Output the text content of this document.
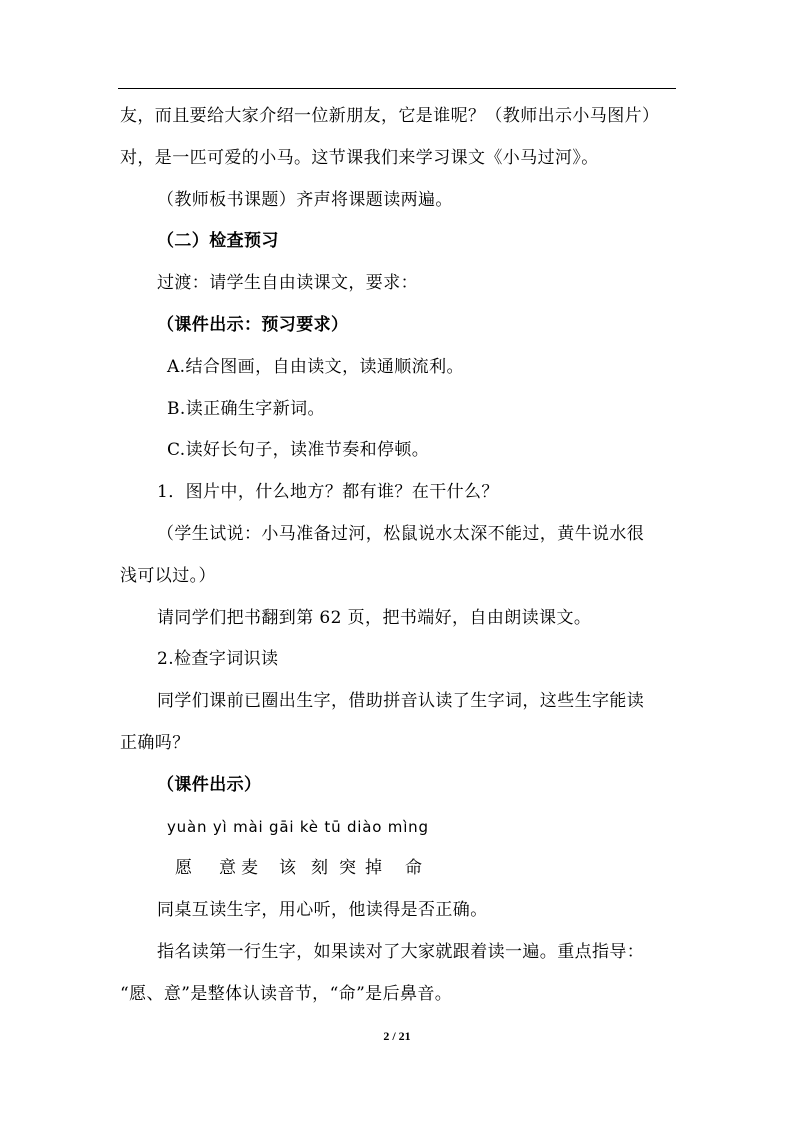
友，而且要给大家介绍一位新朋友，它是谁呢？（教师出示小马图片）
对，是一匹可爱的小马。这节课我们来学习课文《小马过河》。
（教师板书课题）齐声将课题读两遍。
（二）检查预习
过渡：请学生自由读课文，要求：
（课件出示：预习要求）
A.结合图画，自由读文，读通顺流利。
B.读正确生字新词。
C.读好长句子，读准节奏和停顿。
1．图片中，什么地方？都有谁？在干什么？
（学生试说：小马准备过河，松鼠说水太深不能过，黄牛说水很
浅可以过。）
请同学们把书翻到第 62 页，把书端好，自由朗读课文。
2.检查字词识读
同学们课前已圈出生字，借助拼音认读了生字词，这些生字能读
正确吗？
（课件出示）
yuàn yì mài gāi kè tū diào mìng
愿 意 麦 该 刻 突 掉 命
同桌互读生字，用心听，他读得是否正确。
指名读第一行生字，如果读对了大家就跟着读一遍。重点指导：
“愿、意”是整体认读音节，“命”是后鼻音。
2 / 21
